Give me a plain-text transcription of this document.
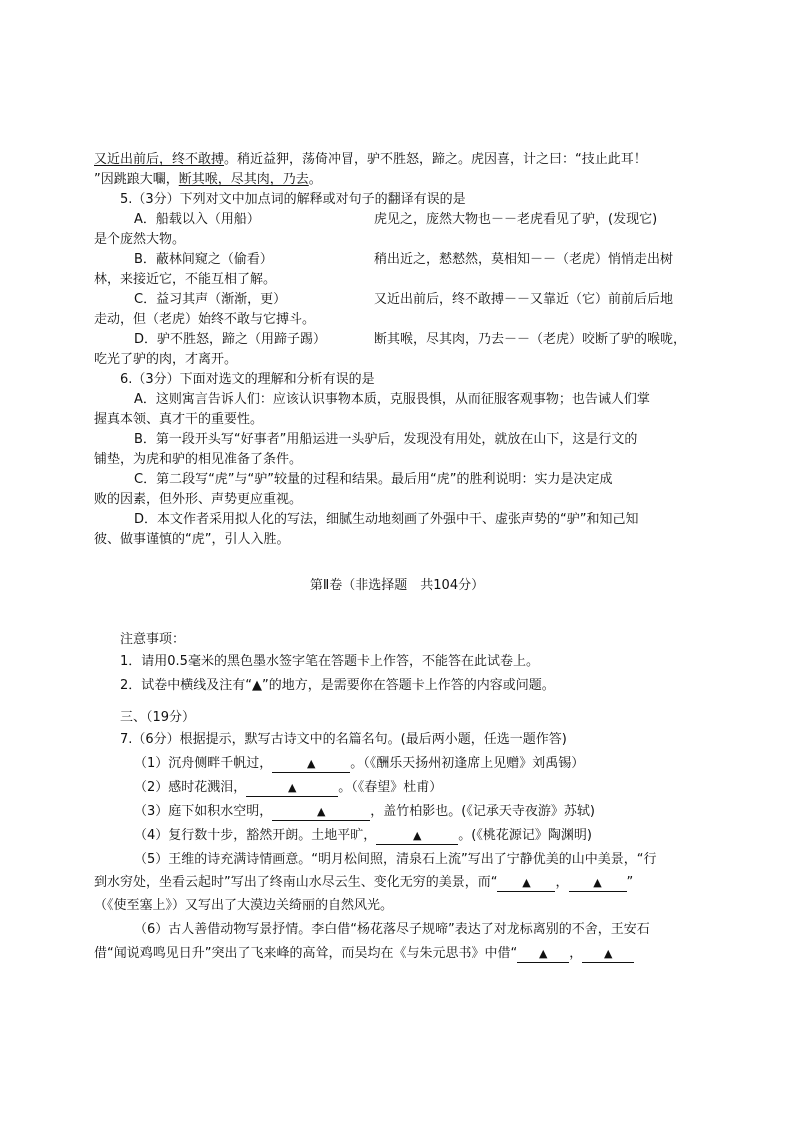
又近出前后，终不敢搏。稍近益狎，荡倚冲冒，驴不胜怒，蹄之。虎因喜，计之曰：“技止此耳！
”因跳踉大㘚，断其喉，尽其肉，乃去。
5.（3分）下列对文中加点词的解释或对句子的翻译有误的是
A．船载以入（用船）	虎见之，庞然大物也－－老虎看见了驴，(发现它)
是个庞然大物。
B．蔽林间窥之（偷看）	稍出近之，慭慭然，莫相知－－（老虎）悄悄走出树
林，来接近它，不能互相了解。
C．益习其声（渐渐，更）	又近出前后，终不敢搏－－又靠近（它）前前后后地
走动，但（老虎）始终不敢与它搏斗。
D．驴不胜怒，蹄之（用蹄子踢）	断其喉，尽其肉，乃去－－（老虎）咬断了驴的喉咙，
吃光了驴的肉，才离开。
6.（3分）下面对选文的理解和分析有误的是
A．这则寓言告诉人们：应该认识事物本质，克服畏惧，从而征服客观事物；也告诫人们掌
握真本领、真才干的重要性。
B．第一段开头写“好事者”用船运进一头驴后，发现没有用处，就放在山下，这是行文的
铺垫，为虎和驴的相见准备了条件。
C．第二段写“虎”与“驴”较量的过程和结果。最后用“虎”的胜利说明：实力是决定成
败的因素，但外形、声势更应重视。
D．本文作者采用拟人化的写法，细腻生动地刻画了外强中干、虚张声势的“驴”和知己知
彼、做事谨慎的“虎”，引人入胜。
第Ⅱ卷（非选择题　共104分）
注意事项：
1．请用0.5毫米的黑色墨水签字笔在答题卡上作答，不能答在此试卷上。
2．试卷中横线及注有“▲”的地方，是需要你在答题卡上作答的内容或问题。
三、（19分）
7.（6分）根据提示，默写古诗文中的名篇名句。(最后两小题，任选一题作答)
（1）沉舟侧畔千帆过，	▲	。（《酬乐天扬州初逢席上见赠》刘禹锡）
（2）感时花溅泪，	▲	。（《春望》杜甫）
（3）庭下如积水空明，	▲	，盖竹柏影也。(《记承天寺夜游》苏轼)
（4）复行数十步，豁然开朗。土地平旷，	▲	。(《桃花源记》陶渊明)
（5）王维的诗充满诗情画意。“明月松间照，清泉石上流”写出了宁静优美的山中美景，“行
到水穷处，坐看云起时”写出了终南山水尽云生、变化无穷的美景，而“ ▲ ， ▲ ”
（《使至塞上》）又写出了大漠边关绮丽的自然风光。
（6）古人善借动物写景抒情。李白借“杨花落尽子规啼”表达了对龙标离别的不舍，王安石
借“闻说鸡鸣见日升”突出了飞来峰的高耸，而吴均在《与朱元思书》中借“ ▲ ， ▲
